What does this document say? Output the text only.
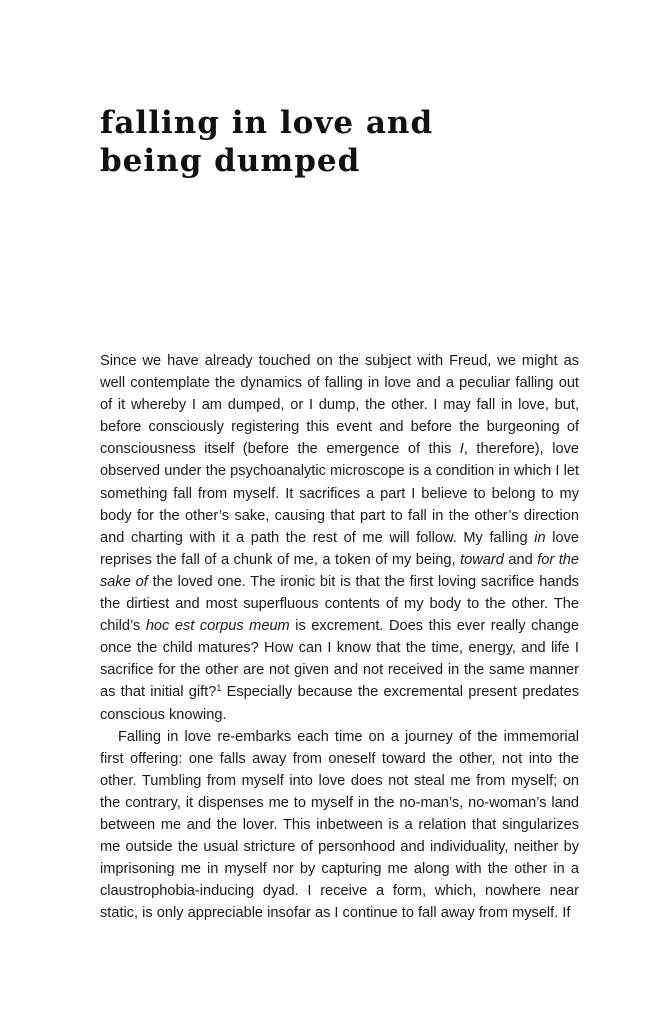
falling in love and
being dumped

Since we have already touched on the subject with Freud, we might as well contemplate the dynamics of falling in love and a peculiar falling out of it whereby I am dumped, or I dump, the other. I may fall in love, but, before consciously registering this event and before the burgeoning of consciousness itself (before the emergence of this I, therefore), love observed under the psychoanalytic microscope is a condition in which I let something fall from myself. It sacrifices a part I believe to belong to my body for the other’s sake, causing that part to fall in the other’s direction and charting with it a path the rest of me will follow. My falling in love reprises the fall of a chunk of me, a token of my being, toward and for the sake of the loved one. The ironic bit is that the first loving sacrifice hands the dirtiest and most superfluous contents of my body to the other. The child’s hoc est corpus meum is excrement. Does this ever really change once the child matures? How can I know that the time, energy, and life I sacrifice for the other are not given and not received in the same manner as that initial gift?$^1$ Especially because the excremental present predates conscious knowing.

Falling in love re-embarks each time on a journey of the immemorial first offering: one falls away from oneself toward the other, not into the other. Tumbling from myself into love does not steal me from myself; on the contrary, it dispenses me to myself in the no-man’s, no-woman’s land between me and the lover. This inbetween is a relation that singularizes me outside the usual stricture of personhood and individuality, neither by imprisoning me in myself nor by capturing me along with the other in a claustrophobia-inducing dyad. I receive a form, which, nowhere near static, is only appreciable insofar as I continue to fall away from myself. If
